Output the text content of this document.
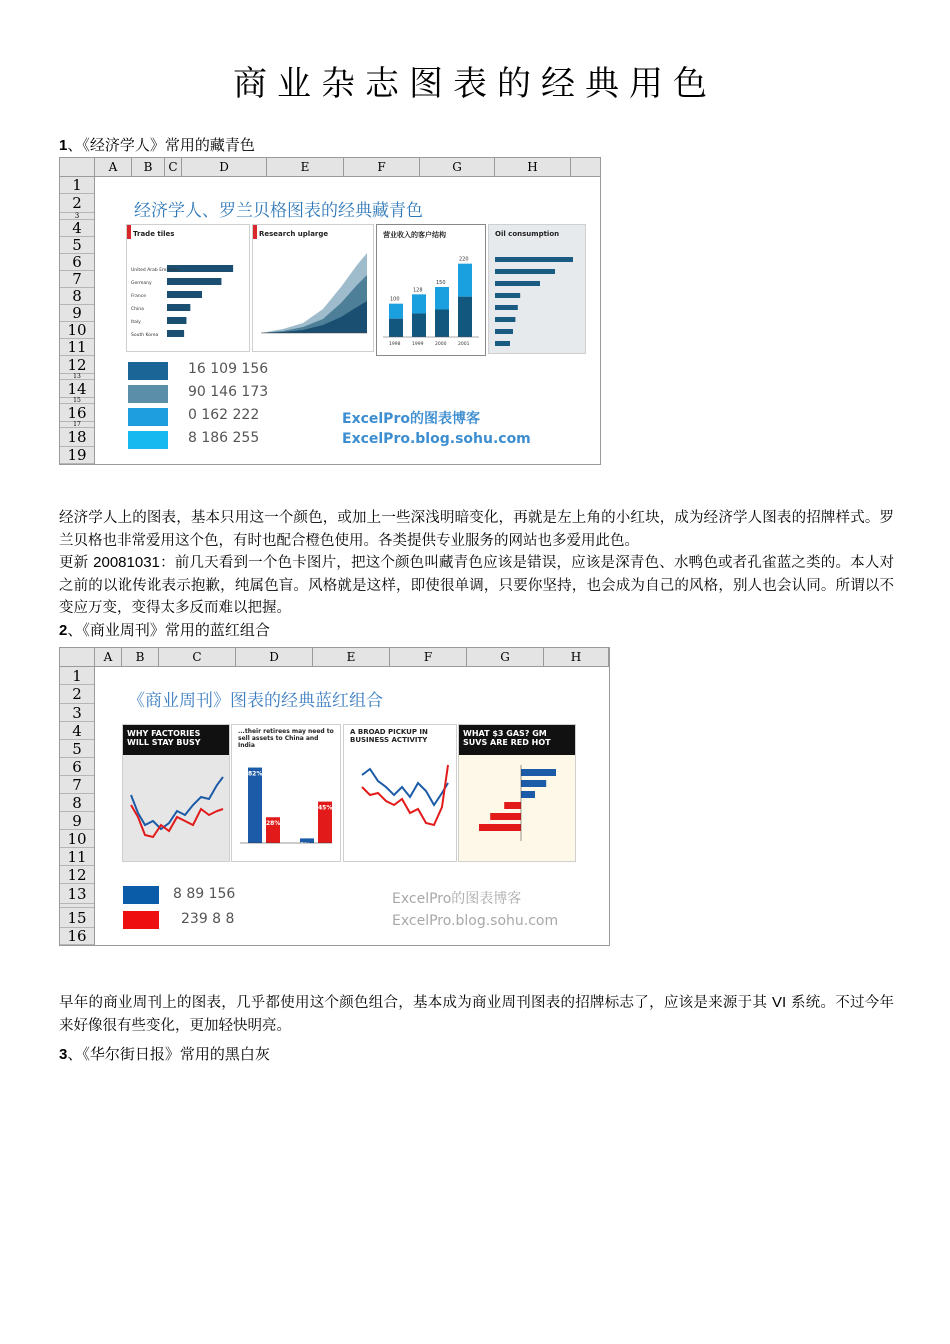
商业杂志图表的经典用色
1、《经济学人》常用的藏青色
A	B	C	D	E	F	G	H
1
2
3
4
5
6
7
8
9
10
11
12
13
14
15
16
17
18
19
经济学人、罗兰贝格图表的经典藏青色
Trade tiles
United Arab Emirates
Germany
France
China
Italy
South Korea
Research uplarge	营业收入的客户结构
100
1998
128
1999
150
2000
220
2001
Oil consumption
16 109 156
90 146 173
0 162 222
8 186 255
ExcelPro的图表博客
ExcelPro.blog.sohu.com
经济学人上的图表，基本只用这一个颜色，或加上一些深浅明暗变化，再就是左上角的小红块，成为经济学人图表的招牌样式。罗兰贝格也非常爱用这个色，有时也配合橙色使用。各类提供专业服务的网站也多爱用此色。
更新 20081031：前几天看到一个色卡图片，把这个颜色叫藏青色应该是错误，应该是深青色、水鸭色或者孔雀蓝之类的。本人对之前的以讹传讹表示抱歉，纯属色盲。风格就是这样，即使很单调，只要你坚持，也会成为自己的风格，别人也会认同。所谓以不变应万变，变得太多反而难以把握。
2、《商业周刊》常用的蓝红组合
A	B	C	D	E	F	G	H
1
2
3
4
5
6
7
8
9
10
11
12
13
15
16
《商业周刊》图表的经典蓝红组合
WHY FACTORIES WILL STAY BUSY
...their retirees may need to sell assets to China and India
82%
28%
5%
45%
A BROAD PICKUP IN BUSINESS ACTIVITY
WHAT $3 GAS? GM SUVS ARE RED HOT
8 89 156
239 8 8
ExcelPro的图表博客
ExcelPro.blog.sohu.com
早年的商业周刊上的图表，几乎都使用这个颜色组合，基本成为商业周刊图表的招牌标志了，应该是来源于其 VI 系统。不过今年来好像很有些变化，更加轻快明亮。
3、《华尔街日报》常用的黑白灰
